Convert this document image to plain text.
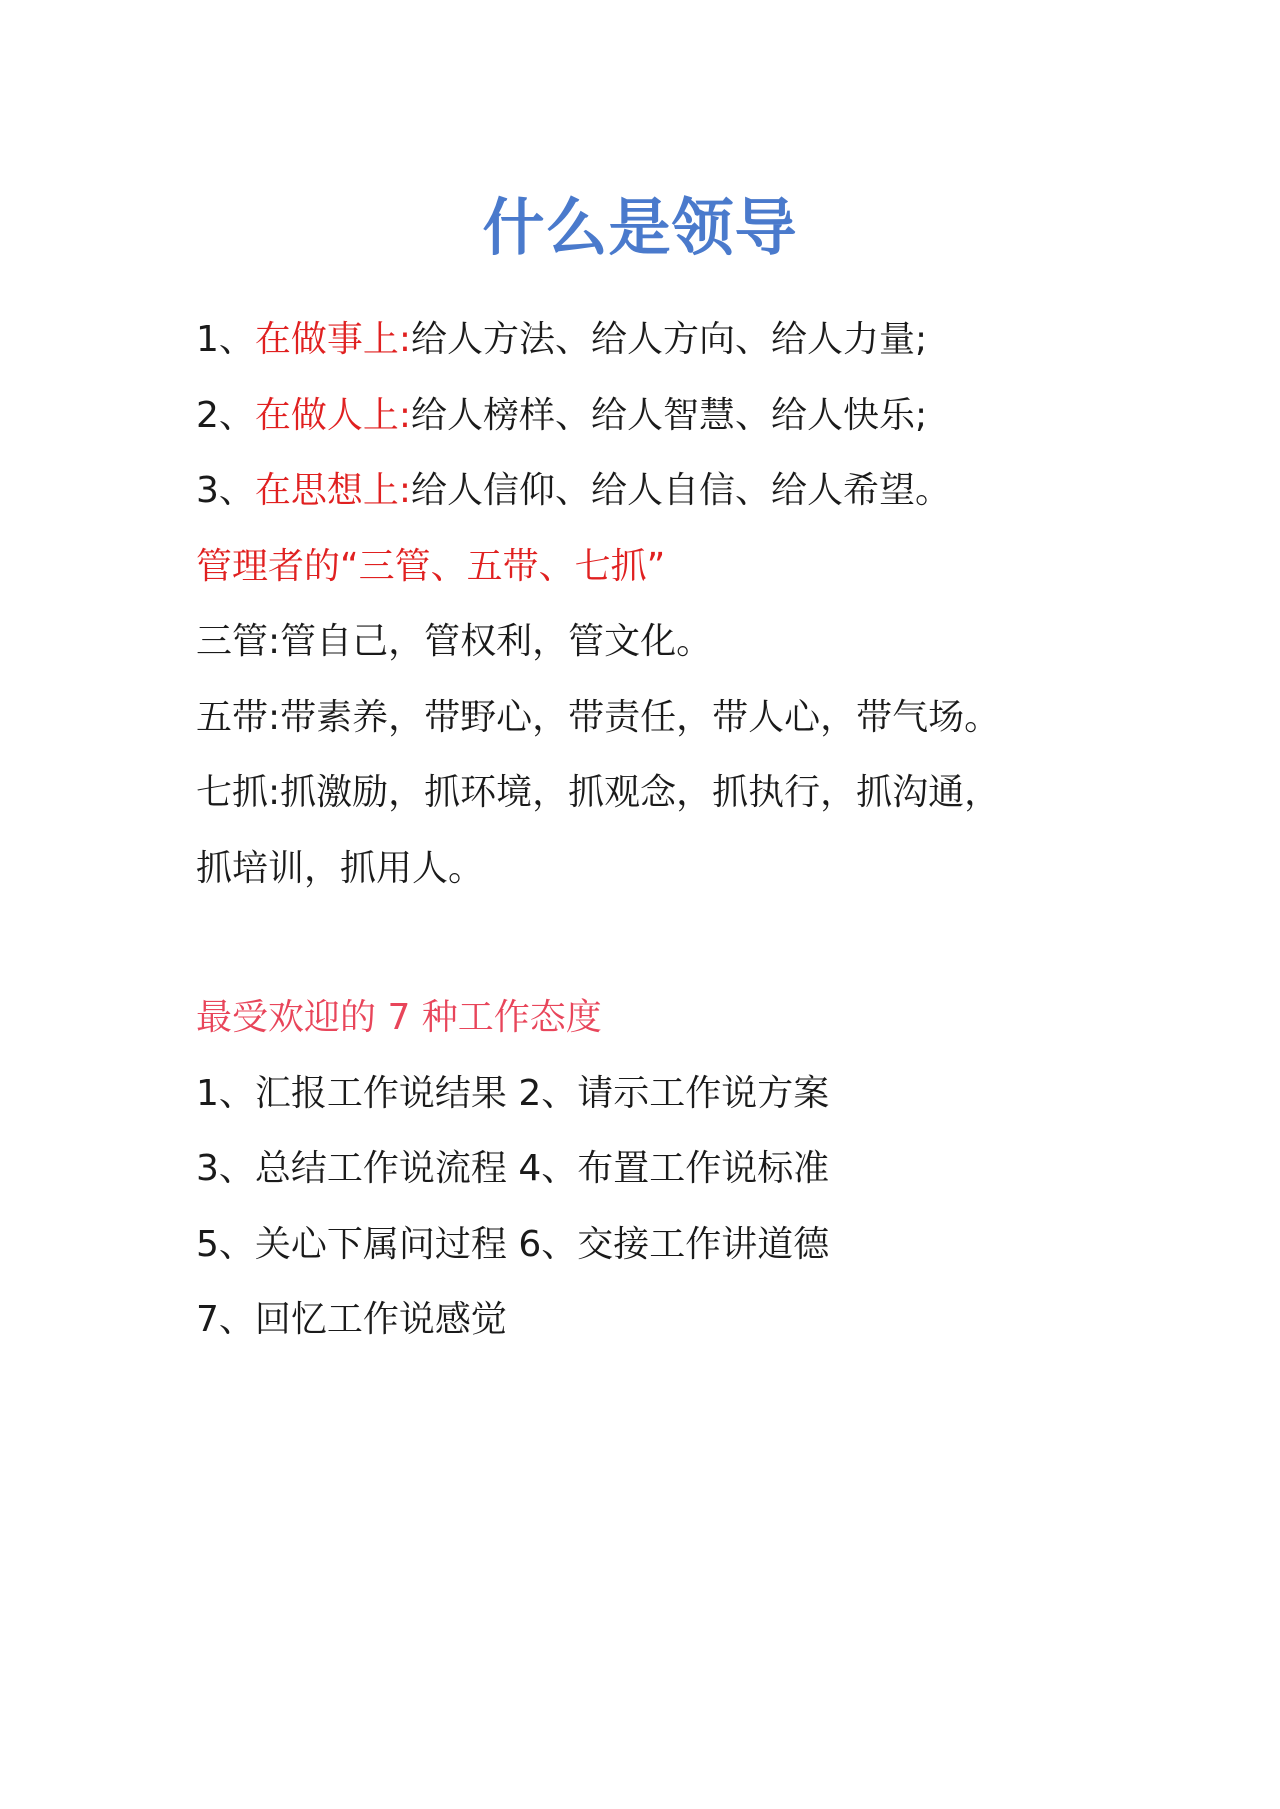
什么是领导
1、在做事上:给人方法、给人方向、给人力量;
2、在做人上:给人榜样、给人智慧、给人快乐;
3、在思想上:给人信仰、给人自信、给人希望。
管理者的“三管、五带、七抓”
三管:管自己，管权利，管文化。
五带:带素养，带野心，带责任，带人心，带气场。
七抓:抓激励，抓环境，抓观念，抓执行，抓沟通，
抓培训，抓用人。
最受欢迎的 7 种工作态度
1、汇报工作说结果 2、请示工作说方案
3、总结工作说流程 4、布置工作说标准
5、关心下属问过程 6、交接工作讲道德
7、回忆工作说感觉
